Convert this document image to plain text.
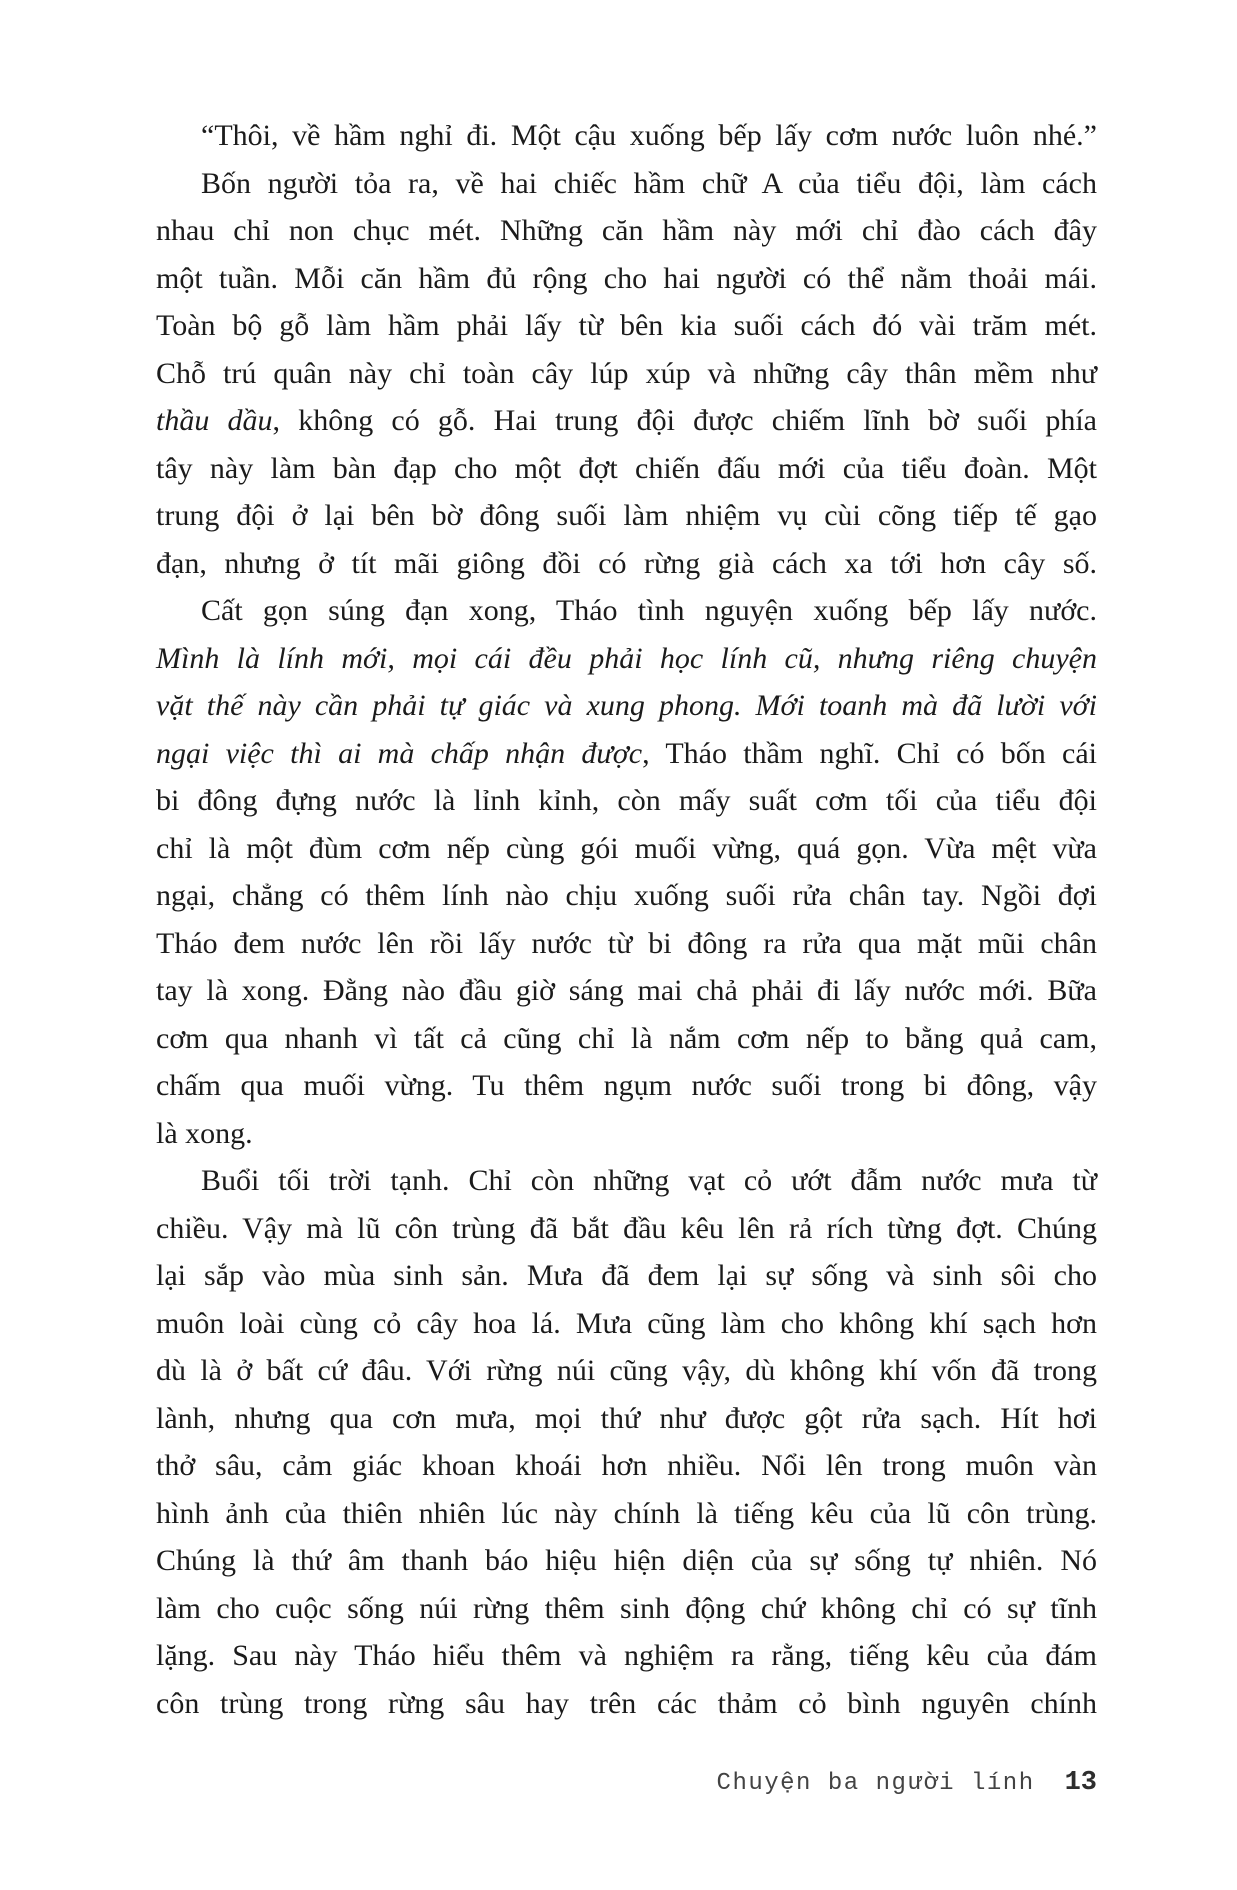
“Thôi, về hầm nghỉ đi. Một cậu xuống bếp lấy cơm nước luôn nhé.”
Bốn người tỏa ra, về hai chiếc hầm chữ A của tiểu đội, làm cách
nhau chỉ non chục mét. Những căn hầm này mới chỉ đào cách đây
một tuần. Mỗi căn hầm đủ rộng cho hai người có thể nằm thoải mái.
Toàn bộ gỗ làm hầm phải lấy từ bên kia suối cách đó vài trăm mét.
Chỗ trú quân này chỉ toàn cây lúp xúp và những cây thân mềm như
thầu dầu, không có gỗ. Hai trung đội được chiếm lĩnh bờ suối phía
tây này làm bàn đạp cho một đợt chiến đấu mới của tiểu đoàn. Một
trung đội ở lại bên bờ đông suối làm nhiệm vụ cùi cõng tiếp tế gạo
đạn, nhưng ở tít mãi giông đồi có rừng già cách xa tới hơn cây số.
Cất gọn súng đạn xong, Tháo tình nguyện xuống bếp lấy nước.
Mình là lính mới, mọi cái đều phải học lính cũ, nhưng riêng chuyện
vặt thế này cần phải tự giác và xung phong. Mới toanh mà đã lười với
ngại việc thì ai mà chấp nhận được, Tháo thầm nghĩ. Chỉ có bốn cái
bi đông đựng nước là lỉnh kỉnh, còn mấy suất cơm tối của tiểu đội
chỉ là một đùm cơm nếp cùng gói muối vừng, quá gọn. Vừa mệt vừa
ngại, chẳng có thêm lính nào chịu xuống suối rửa chân tay. Ngồi đợi
Tháo đem nước lên rồi lấy nước từ bi đông ra rửa qua mặt mũi chân
tay là xong. Đằng nào đầu giờ sáng mai chả phải đi lấy nước mới. Bữa
cơm qua nhanh vì tất cả cũng chỉ là nắm cơm nếp to bằng quả cam,
chấm qua muối vừng. Tu thêm ngụm nước suối trong bi đông, vậy
là xong.
Buổi tối trời tạnh. Chỉ còn những vạt cỏ ướt đẫm nước mưa từ
chiều. Vậy mà lũ côn trùng đã bắt đầu kêu lên rả rích từng đợt. Chúng
lại sắp vào mùa sinh sản. Mưa đã đem lại sự sống và sinh sôi cho
muôn loài cùng cỏ cây hoa lá. Mưa cũng làm cho không khí sạch hơn
dù là ở bất cứ đâu. Với rừng núi cũng vậy, dù không khí vốn đã trong
lành, nhưng qua cơn mưa, mọi thứ như được gột rửa sạch. Hít hơi
thở sâu, cảm giác khoan khoái hơn nhiều. Nổi lên trong muôn vàn
hình ảnh của thiên nhiên lúc này chính là tiếng kêu của lũ côn trùng.
Chúng là thứ âm thanh báo hiệu hiện diện của sự sống tự nhiên. Nó
làm cho cuộc sống núi rừng thêm sinh động chứ không chỉ có sự tĩnh
lặng. Sau này Tháo hiểu thêm và nghiệm ra rằng, tiếng kêu của đám
côn trùng trong rừng sâu hay trên các thảm cỏ bình nguyên chính
Chuyện ba người lính 13
